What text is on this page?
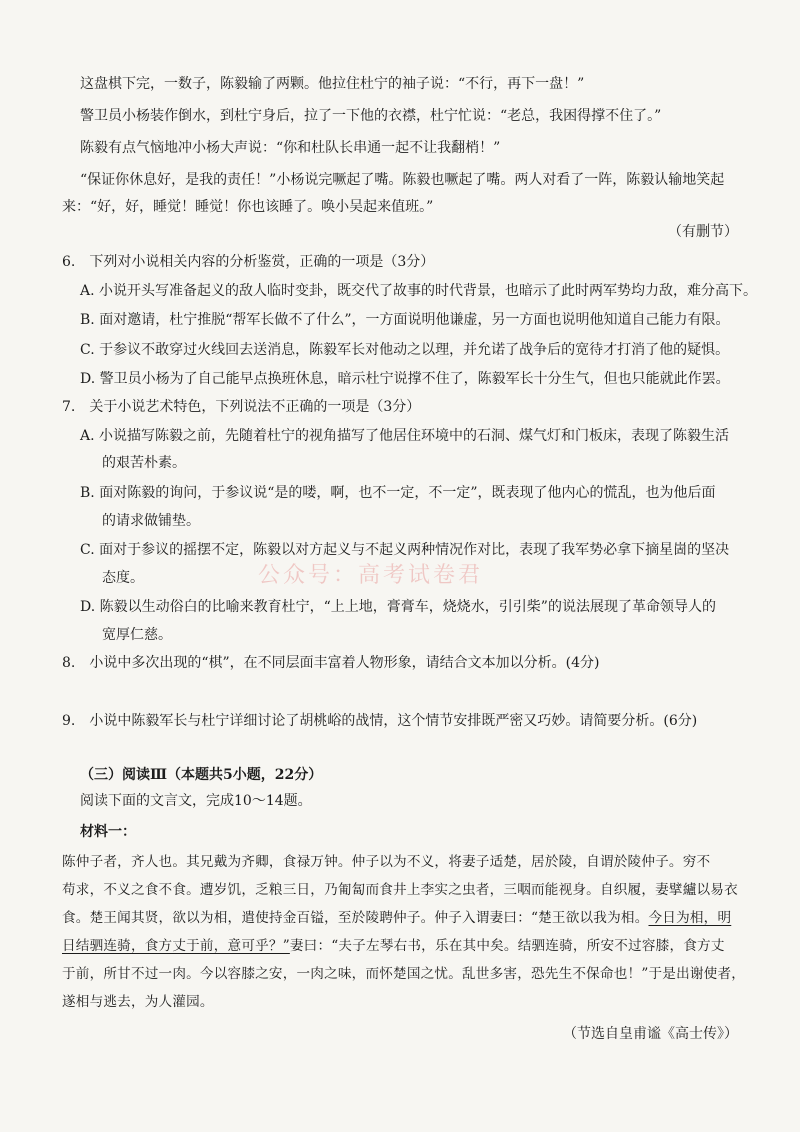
这盘棋下完，一数子，陈毅输了两颗。他拉住杜宁的袖子说：“不行，再下一盘！”
警卫员小杨装作倒水，到杜宁身后，拉了一下他的衣襟，杜宁忙说：“老总，我困得撑不住了。”
陈毅有点气恼地冲小杨大声说：“你和杜队长串通一起不让我翻梢！”
“保证你休息好，是我的责任！”小杨说完噘起了嘴。陈毅也噘起了嘴。两人对看了一阵，陈毅认输地笑起
来：“好，好，睡觉！睡觉！你也该睡了。唤小吴起来值班。”
（有删节）
6.　下列对小说相关内容的分析鉴赏，正确的一项是（3分）
A. 小说开头写准备起义的敌人临时变卦，既交代了故事的时代背景，也暗示了此时两军势均力敌，难分高下。
B. 面对邀请，杜宁推脱“帮军长做不了什么”，一方面说明他谦虚，另一方面也说明他知道自己能力有限。
C. 于参议不敢穿过火线回去送消息，陈毅军长对他动之以理，并允诺了战争后的宽待才打消了他的疑惧。
D. 警卫员小杨为了自己能早点换班休息，暗示杜宁说撑不住了，陈毅军长十分生气，但也只能就此作罢。
7.　关于小说艺术特色，下列说法不正确的一项是（3分）
A. 小说描写陈毅之前，先随着杜宁的视角描写了他居住环境中的石洞、煤气灯和门板床，表现了陈毅生活
的艰苦朴素。
B. 面对陈毅的询问，于参议说“是的喽，啊，也不一定，不一定”，既表现了他内心的慌乱，也为他后面
的请求做铺垫。
C. 面对于参议的摇摆不定，陈毅以对方起义与不起义两种情况作对比，表现了我军势必拿下摘星崮的坚决
态度。
D. 陈毅以生动俗白的比喻来教育杜宁，“上上地，膏膏车，烧烧水，引引柴”的说法展现了革命领导人的
宽厚仁慈。
公众号：高考试卷君
8.　小说中多次出现的“棋”，在不同层面丰富着人物形象，请结合文本加以分析。(4分)
9.　小说中陈毅军长与杜宁详细讨论了胡桃峪的战情，这个情节安排既严密又巧妙。请简要分析。(6分)
（三）阅读Ⅲ（本题共5小题，22分）
阅读下面的文言文，完成10～14题。
材料一：
陈仲子者，齐人也。其兄戴为齐卿，食禄万钟。仲子以为不义，将妻子适楚，居於陵，自谓於陵仲子。穷不
苟求，不义之食不食。遭岁饥，乏粮三日，乃匍匐而食井上李实之虫者，三咽而能视身。自织履，妻擘纑以易衣
食。楚王闻其贤，欲以为相，遣使持金百镒，至於陵聘仲子。仲子入谓妻曰：“楚王欲以我为相。今日为相，明
日结驷连骑，食方丈于前，意可乎？”妻曰：“夫子左琴右书，乐在其中矣。结驷连骑，所安不过容膝，食方丈
于前，所甘不过一肉。今以容膝之安，一肉之味，而怀楚国之忧。乱世多害，恐先生不保命也！”于是出谢使者，
遂相与逃去，为人灌园。
（节选自皇甫谧《高士传》）
